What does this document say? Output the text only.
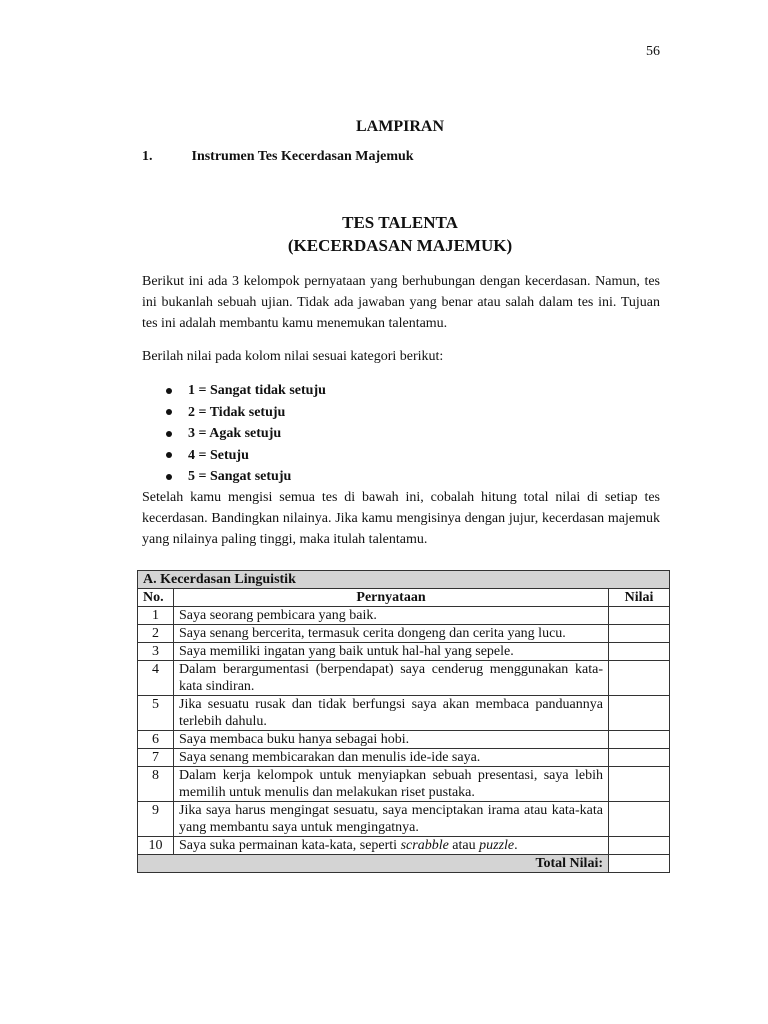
56
LAMPIRAN
1.	Instrumen Tes Kecerdasan Majemuk
TES TALENTA
(KECERDASAN MAJEMUK)

Berikut ini ada 3 kelompok pernyataan yang berhubungan dengan kecerdasan. Namun, tes ini bukanlah sebuah ujian. Tidak ada jawaban yang benar atau salah dalam tes ini. Tujuan tes ini adalah membantu kamu menemukan talentamu.

Berilah nilai pada kolom nilai sesuai kategori berikut:

1 = Sangat tidak setuju
2 = Tidak setuju
3 = Agak setuju
4 = Setuju
5 = Sangat setuju

Setelah kamu mengisi semua tes di bawah ini, cobalah hitung total nilai di setiap tes kecerdasan. Bandingkan nilainya. Jika kamu mengisinya dengan jujur, kecerdasan majemuk yang nilainya paling tinggi, maka itulah talentamu.

A. Kecerdasan Linguistik		
No.	Pernyataan	Nilai
1	Saya seorang pembicara yang baik.	
2	Saya senang bercerita, termasuk cerita dongeng dan cerita yang lucu.	
3	Saya memiliki ingatan yang baik untuk hal-hal yang sepele.	
4	Dalam berargumentasi (berpendapat) saya cenderug menggunakan kata-kata sindiran.	
5	Jika sesuatu rusak dan tidak berfungsi saya akan membaca panduannya terlebih dahulu.	
6	Saya membaca buku hanya sebagai hobi.	
7	Saya senang membicarakan dan menulis ide-ide saya.	
8	Dalam kerja kelompok untuk menyiapkan sebuah presentasi, saya lebih memilih untuk menulis dan melakukan riset pustaka.	
9	Jika saya harus mengingat sesuatu, saya menciptakan irama atau kata-kata yang membantu saya untuk mengingatnya.	
10	Saya suka permainan kata-kata, seperti scrabble atau puzzle.	
Total Nilai:		
